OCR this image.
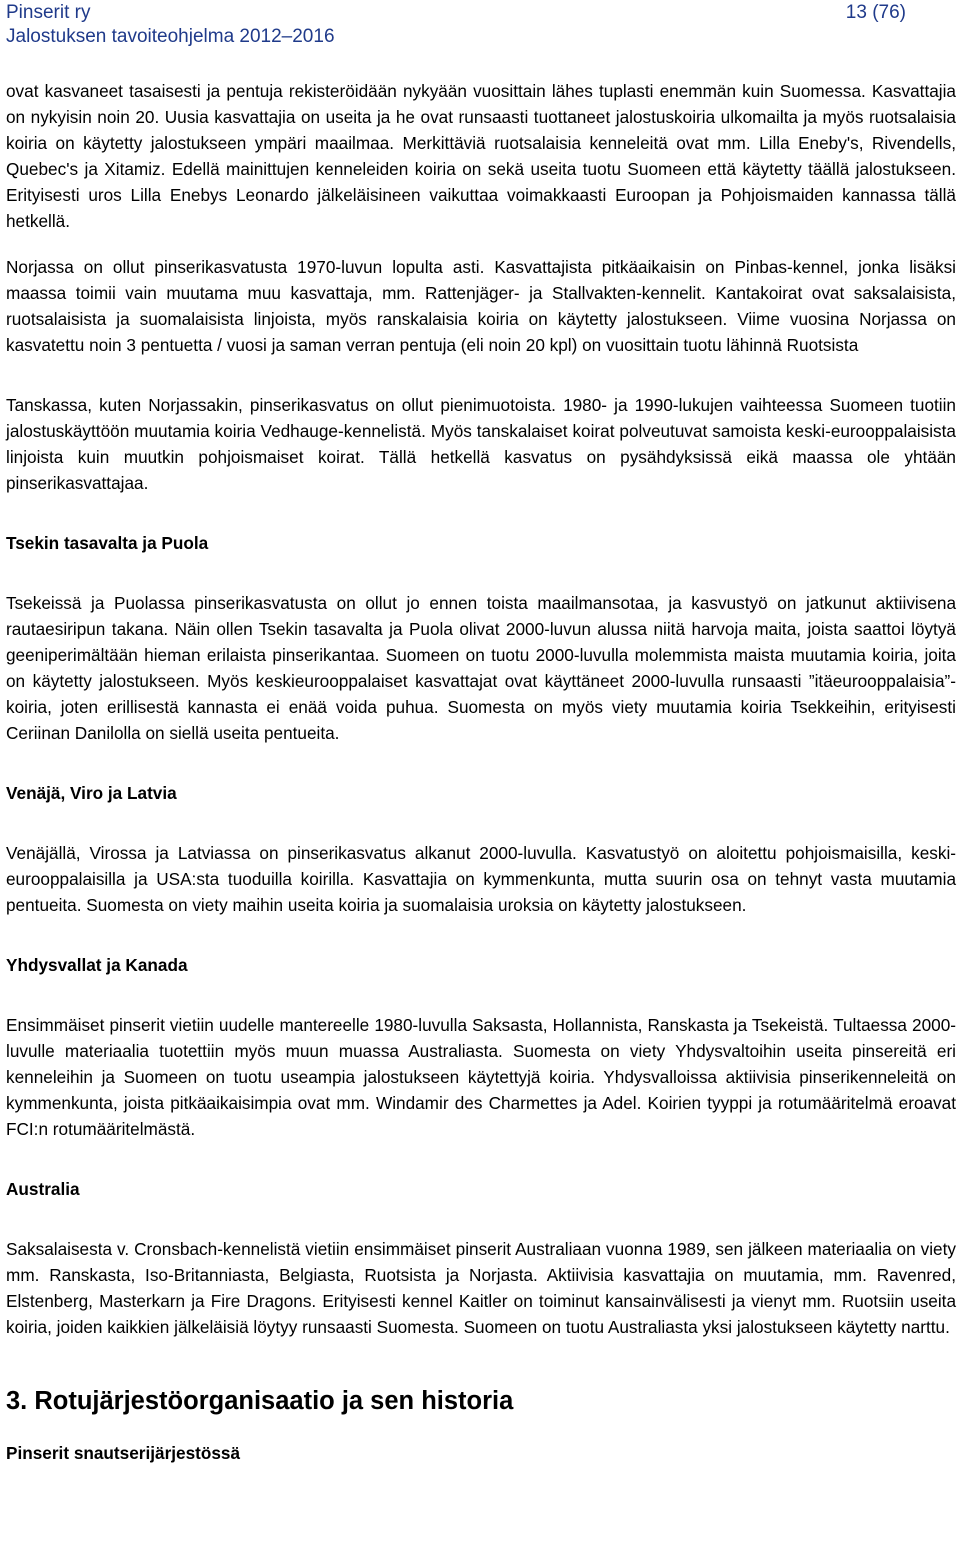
Pinserit ry
Jalostuksen tavoiteohjelma 2012–2016
13 (76)

ovat kasvaneet tasaisesti ja pentuja rekisteröidään nykyään vuosittain lähes tuplasti enemmän kuin Suomessa. Kasvattajia on nykyisin noin 20. Uusia kasvattajia on useita ja he ovat runsaasti tuottaneet jalostuskoiria ulkomailta ja myös ruotsalaisia koiria on käytetty jalostukseen ympäri maailmaa. Merkittäviä ruotsalaisia kenneleitä ovat mm. Lilla Eneby's, Rivendells, Quebec's ja Xitamiz. Edellä mainittujen kenneleiden koiria on sekä useita tuotu Suomeen että käytetty täällä jalostukseen. Erityisesti uros Lilla Enebys Leonardo jälkeläisineen vaikuttaa voimakkaasti Euroopan ja Pohjoismaiden kannassa tällä hetkellä.

Norjassa on ollut pinserikasvatusta 1970-luvun lopulta asti. Kasvattajista pitkäaikaisin on Pinbas-kennel, jonka lisäksi maassa toimii vain muutama muu kasvattaja, mm. Rattenjäger- ja Stallvakten-kennelit. Kantakoirat ovat saksalaisista, ruotsalaisista ja suomalaisista linjoista, myös ranskalaisia koiria on käytetty jalostukseen. Viime vuosina Norjassa on kasvatettu noin 3 pentuetta / vuosi ja saman verran pentuja (eli noin 20 kpl) on vuosittain tuotu lähinnä Ruotsista

Tanskassa, kuten Norjassakin, pinserikasvatus on ollut pienimuotoista. 1980- ja 1990-lukujen vaihteessa Suomeen tuotiin jalostuskäyttöön muutamia koiria Vedhauge-kennelistä. Myös tanskalaiset koirat polveutuvat samoista keski-eurooppalaisista linjoista kuin muutkin pohjoismaiset koirat. Tällä hetkellä kasvatus on pysähdyksissä eikä maassa ole yhtään pinserikasvattajaa.

Tsekin tasavalta ja Puola

Tsekeissä ja Puolassa pinserikasvatusta on ollut jo ennen toista maailmansotaa, ja kasvustyö on jatkunut aktiivisena rautaesiripun takana. Näin ollen Tsekin tasavalta ja Puola olivat 2000-luvun alussa niitä harvoja maita, joista saattoi löytyä geeniperimältään hieman erilaista pinserikantaa. Suomeen on tuotu 2000-luvulla molemmista maista muutamia koiria, joita on käytetty jalostukseen. Myös keskieurooppalaiset kasvattajat ovat käyttäneet 2000-luvulla runsaasti ”itäeurooppalaisia”-koiria, joten erillisestä kannasta ei enää voida puhua. Suomesta on myös viety muutamia koiria Tsekkeihin, erityisesti Ceriinan Danilolla on siellä useita pentueita.

Venäjä, Viro ja Latvia

Venäjällä, Virossa ja Latviassa on pinserikasvatus alkanut 2000-luvulla. Kasvatustyö on aloitettu pohjoismaisilla, keski-eurooppalaisilla ja USA:sta tuoduilla koirilla. Kasvattajia on kymmenkunta, mutta suurin osa on tehnyt vasta muutamia pentueita. Suomesta on viety maihin useita koiria ja suomalaisia uroksia on käytetty jalostukseen.

Yhdysvallat ja Kanada

Ensimmäiset pinserit vietiin uudelle mantereelle 1980-luvulla Saksasta, Hollannista, Ranskasta ja Tsekeistä. Tultaessa 2000-luvulle materiaalia tuotettiin myös muun muassa Australiasta. Suomesta on viety Yhdysvaltoihin useita pinsereitä eri kenneleihin ja Suomeen on tuotu useampia jalostukseen käytettyjä koiria. Yhdysvalloissa aktiivisia pinserikenneleitä on kymmenkunta, joista pitkäaikaisimpia ovat mm. Windamir des Charmettes ja Adel. Koirien tyyppi ja rotumääritelmä eroavat FCI:n rotumääritelmästä.

Australia

Saksalaisesta v. Cronsbach-kennelistä vietiin ensimmäiset pinserit Australiaan vuonna 1989, sen jälkeen materiaalia on viety mm. Ranskasta, Iso-Britanniasta, Belgiasta, Ruotsista ja Norjasta. Aktiivisia kasvattajia on muutamia, mm. Ravenred, Elstenberg, Masterkarn ja Fire Dragons. Erityisesti kennel Kaitler on toiminut kansainvälisesti ja vienyt mm. Ruotsiin useita koiria, joiden kaikkien jälkeläisiä löytyy runsaasti Suomesta. Suomeen on tuotu Australiasta yksi jalostukseen käytetty narttu.

3. Rotujärjestöorganisaatio ja sen historia
Pinserit snautserijärjestössä
